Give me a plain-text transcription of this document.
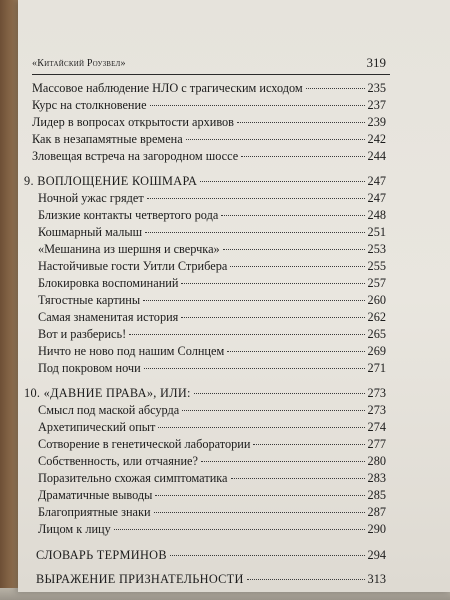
«Китайский Роузвел»	319
Массовое наблюдение НЛО с трагическим исходом	235
Курс на столкновение	237
Лидер в вопросах открытости архивов	239
Как в незапамятные времена	242
Зловещая встреча на загородном шоссе	244
9. ВОПЛОЩЕНИЕ КОШМАРА	247
Ночной ужас грядет	247
Близкие контакты четвертого рода	248
Кошмарный малыш	251
«Мешанина из шершня и сверчка»	253
Настойчивые гости Уитли Стрибера	255
Блокировка воспоминаний	257
Тягостные картины	260
Самая знаменитая история	262
Вот и разберись!	265
Ничто не ново под нашим Солнцем	269
Под покровом ночи	271
10. «ДАВНИЕ ПРАВА», ИЛИ:	273
Смысл под маской абсурда	273
Архетипический опыт	274
Сотворение в генетической лаборатории	277
Собственность, или отчаяние?	280
Поразительно схожая симптоматика	283
Драматичные выводы	285
Благоприятные знаки	287
Лицом к лицу	290
СЛОВАРЬ ТЕРМИНОВ	294
ВЫРАЖЕНИЕ ПРИЗНАТЕЛЬНОСТИ	313
